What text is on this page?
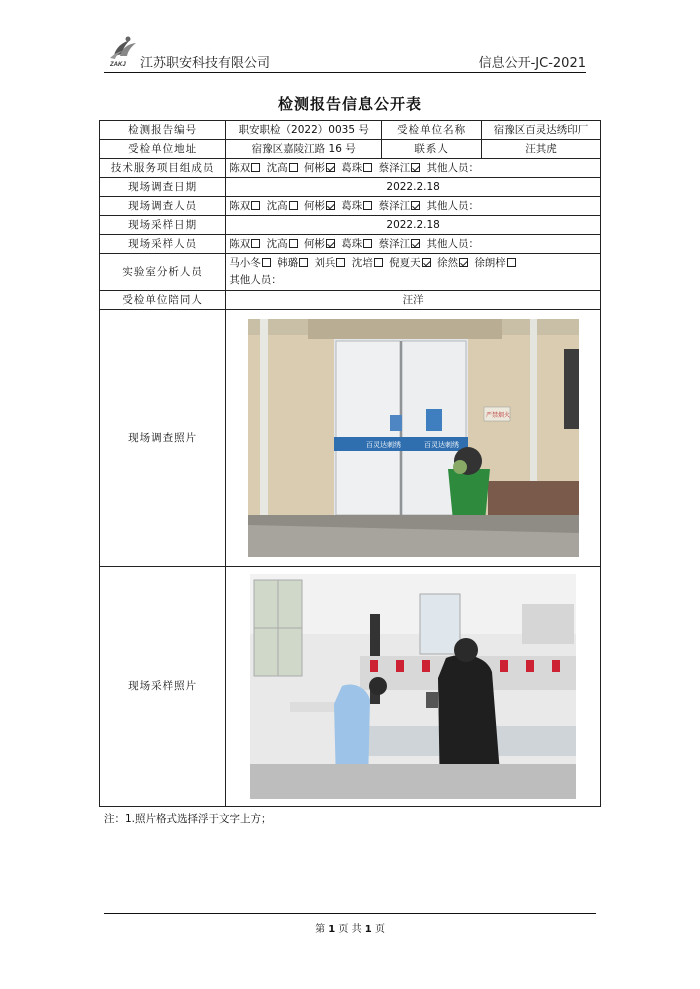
ZAKJ 江苏职安科技有限公司	信息公开-JC-2021
检测报告信息公开表
检测报告编号	职安职检（2022）0035 号	受检单位名称	宿豫区百灵达绣印厂
受检单位地址	宿豫区嘉陵江路 16 号	联系人	汪其虎
技术服务项目组成员	陈双 沈高 何彬 葛珠 蔡泽江 其他人员：		
现场调查日期	2022.2.18		
现场调查人员	陈双 沈高 何彬 葛珠 蔡泽江 其他人员：		
现场采样日期	2022.2.18		
现场采样人员	陈双 沈高 何彬 葛珠 蔡泽江 其他人员：		
实验室分析人员	马小冬 韩璐 刘兵 沈培 倪夏天 徐然 徐朗梓
其他人员：		

受检单位陪同人	汪洋		
现场调查照片	百灵达刺绣 百灵达刺绣
严禁烟火		

现场采样照片	
注：1.照片格式选择浮于文字上方；
第 1 页 共 1 页
